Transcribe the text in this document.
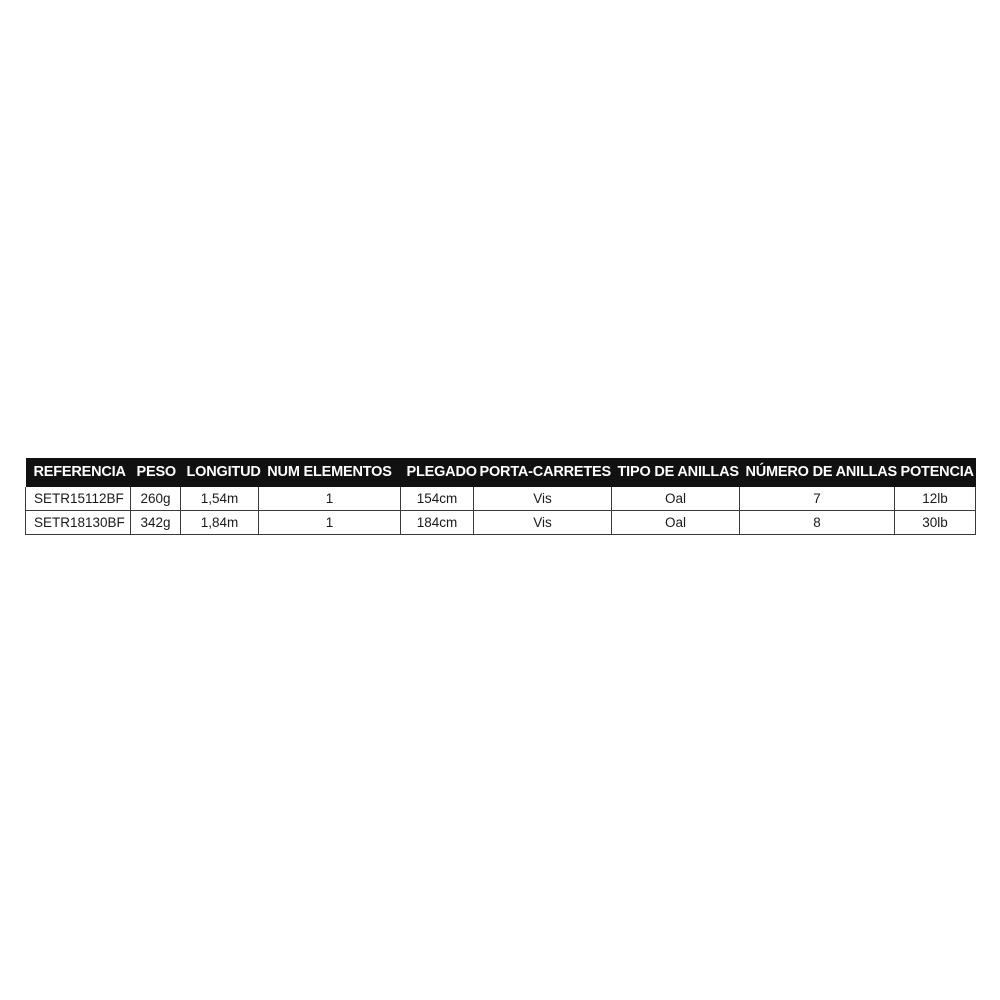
REFERENCIA	PESO	LONGITUD	NUM ELEMENTOS	PLEGADO	PORTA-CARRETES	TIPO DE ANILLAS	NÚMERO DE ANILLAS	POTENCIA
SETR15112BF	260g	1,54m	1	154cm	Vis	Oal	7	12lb
SETR18130BF	342g	1,84m	1	184cm	Vis	Oal	8	30lb
